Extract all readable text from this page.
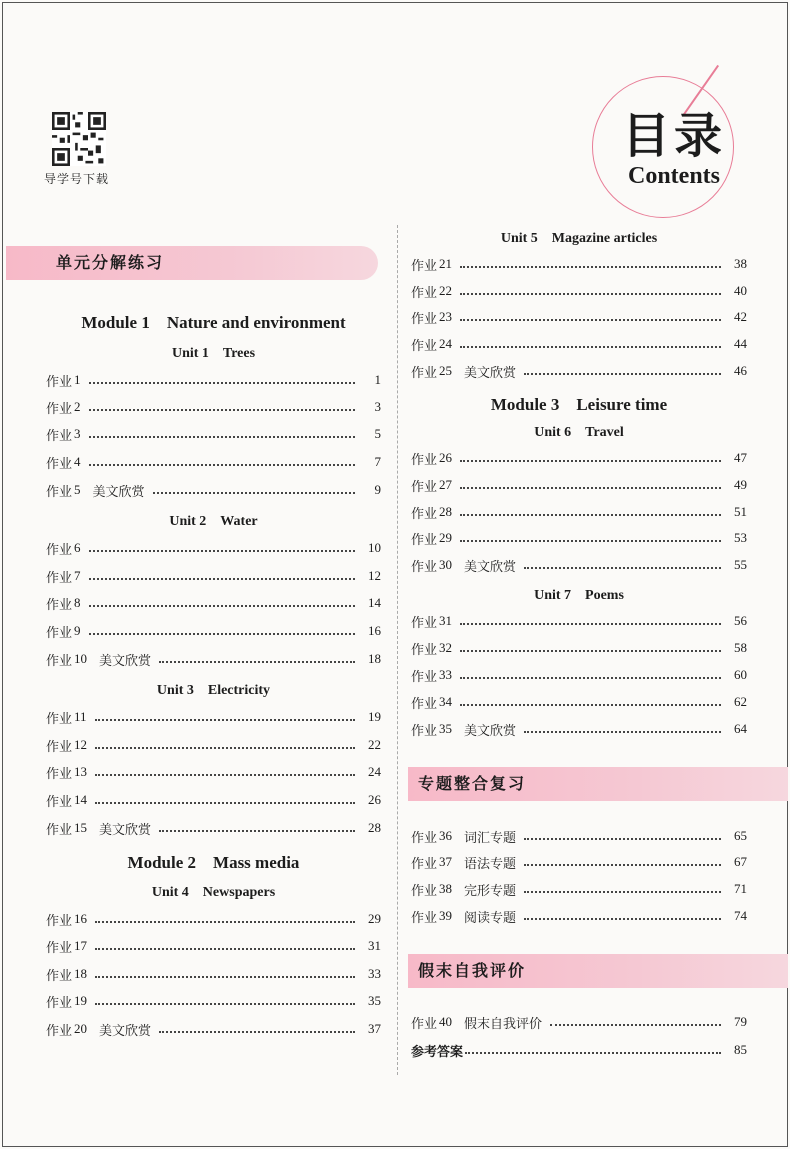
导学号下载
目录
Contents
单元分解练习
专题整合复习
假末自我评价
Module 1　Nature and environment
Unit 1　Trees
Unit 2　Water
Unit 3　Electricity
Module 2　Mass media
Unit 4　Newspapers
作业 1	1
作业 2	3
作业 3	5
作业 4	7
作业 5 美文欣赏	9
作业 6	10
作业 7	12
作业 8	14
作业 9	16
作业 10 美文欣赏	18
作业 11	19
作业 12	22
作业 13	24
作业 14	26
作业 15 美文欣赏	28
作业 16	29
作业 17	31
作业 18	33
作业 19	35
作业 20 美文欣赏	37
Unit 5　Magazine articles
Module 3　Leisure time
Unit 6　Travel
Unit 7　Poems
作业 21	38
作业 22	40
作业 23	42
作业 24	44
作业 25 美文欣赏	46
作业 26	47
作业 27	49
作业 28	51
作业 29	53
作业 30 美文欣赏	55
作业 31	56
作业 32	58
作业 33	60
作业 34	62
作业 35 美文欣赏	64
作业 36 词汇专题	65
作业 37 语法专题	67
作业 38 完形专题	71
作业 39 阅读专题	74
作业 40 假末自我评价	79
参考答案	85
